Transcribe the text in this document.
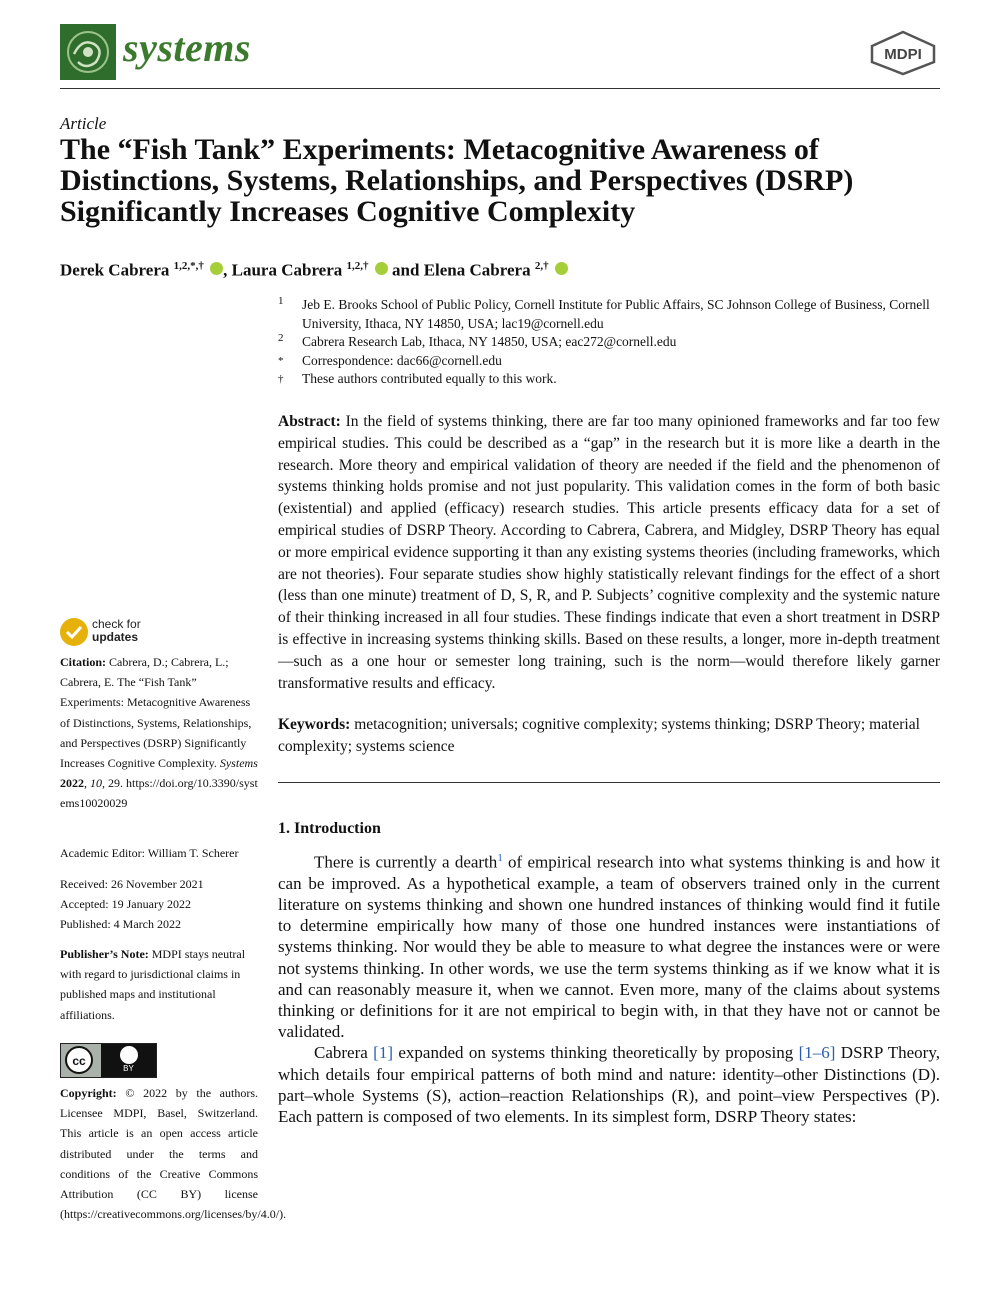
systems	MDPI
Article
The “Fish Tank” Experiments: Metacognitive Awareness of Distinctions, Systems, Relationships, and Perspectives (DSRP) Significantly Increases Cognitive Complexity
Derek Cabrera $^{1,2,*,\dagger}$ , Laura Cabrera $^{1,2,\dagger}$  and Elena Cabrera $^{2,\dagger}$
1 Jeb E. Brooks School of Public Policy, Cornell Institute for Public Affairs, SC Johnson College of Business, Cornell University, Ithaca, NY 14850, USA; lac19@cornell.edu
2 Cabrera Research Lab, Ithaca, NY 14850, USA; eac272@cornell.edu
* Correspondence: dac66@cornell.edu
† These authors contributed equally to this work.
Abstract: In the field of systems thinking, there are far too many opinioned frameworks and far too few empirical studies. This could be described as a “gap” in the research but it is more like a dearth in the research. More theory and empirical validation of theory are needed if the field and the phenomenon of systems thinking holds promise and not just popularity. This validation comes in the form of both basic (existential) and applied (efficacy) research studies. This article presents efficacy data for a set of empirical studies of DSRP Theory. According to Cabrera, Cabrera, and Midgley, DSRP Theory has equal or more empirical evidence supporting it than any existing systems theories (including frameworks, which are not theories). Four separate studies show highly statistically relevant findings for the effect of a short (less than one minute) treatment of D, S, R, and P. Subjects’ cognitive complexity and the systemic nature of their thinking increased in all four studies. These findings indicate that even a short treatment in DSRP is effective in increasing systems thinking skills. Based on these results, a longer, more in-depth treatment—such as a one hour or semester long training, such is the norm—would therefore likely garner transformative results and efficacy.
Keywords: metacognition; universals; cognitive complexity; systems thinking; DSRP Theory; material complexity; systems science
check for
updates
Citation: Cabrera, D.; Cabrera, L.; Cabrera, E. The “Fish Tank” Experiments: Metacognitive Awareness of Distinctions, Systems, Relationships, and Perspectives (DSRP) Significantly Increases Cognitive Complexity. Systems 2022, 10, 29. https://doi.org/10.3390/systems10020029
Academic Editor: William T. Scherer
Received: 26 November 2021
Accepted: 19 January 2022
Published: 4 March 2022
Publisher’s Note: MDPI stays neutral with regard to jurisdictional claims in published maps and institutional affiliations.
cc
BY
Copyright: © 2022 by the authors. Licensee MDPI, Basel, Switzerland. This article is an open access article distributed under the terms and conditions of the Creative Commons Attribution (CC BY) license (https://creativecommons.org/licenses/by/4.0/).
1. Introduction

There is currently a dearth$^1$ of empirical research into what systems thinking is and how it can be improved. As a hypothetical example, a team of observers trained only in the current literature on systems thinking and shown one hundred instances of thinking would find it futile to determine empirically how many of those one hundred instances were instantiations of systems thinking. Nor would they be able to measure to what degree the instances were or were not systems thinking. In other words, we use the term systems thinking as if we know what it is and can reasonably measure it, when we cannot. Even more, many of the claims about systems thinking or definitions for it are not empirical to begin with, in that they have not or cannot be validated.

Cabrera [1] expanded on systems thinking theoretically by proposing [1–6] DSRP Theory, which details four empirical patterns of both mind and nature: identity–other Distinctions (D). part–whole Systems (S), action–reaction Relationships (R), and point–view Perspectives (P). Each pattern is composed of two elements. In its simplest form, DSRP Theory states:
